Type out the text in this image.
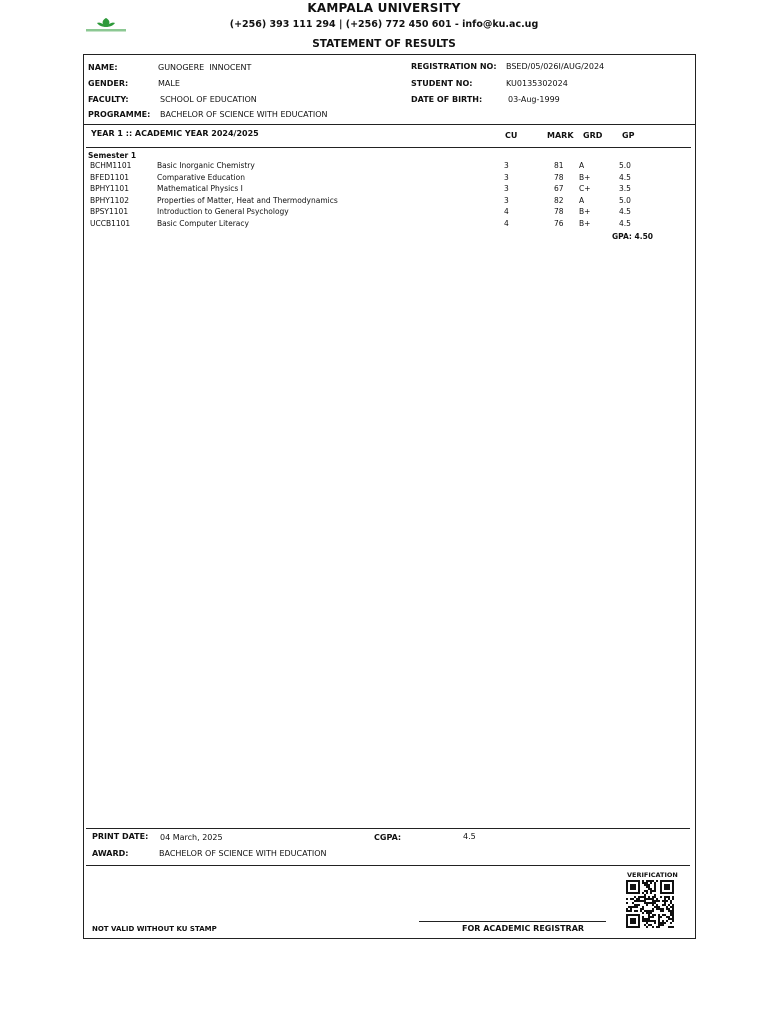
KAMPALA UNIVERSITY
(+256) 393 111 294 | (+256) 772 450 601 - info@ku.ac.ug
STATEMENT OF RESULTS
NAME:	GUNOGERE  INNOCENT
GENDER:	MALE
FACULTY:	SCHOOL OF EDUCATION
PROGRAMME: BACHELOR OF SCIENCE WITH EDUCATION
REGISTRATION NO: BSED/05/026I/AUG/2024
STUDENT NO:	KU0135302024
DATE OF BIRTH:	03-Aug-1999
YEAR 1 :: ACADEMIC YEAR 2024/2025	CU	MARK GRD GP
Semester 1
BCHM1101	Basic Inorganic Chemistry	3	81 A	5.0
BFED1101	Comparative Education	3	78 B+	4.5
BPHY1101	Mathematical Physics I	3	67 C+	3.5
BPHY1102	Properties of Matter, Heat and Thermodynamics	3	82 A	5.0
BPSY1101	Introduction to General Psychology	4	78 B+	4.5
UCCB1101	Basic Computer Literacy	4	76 B+	4.5
GPA: 4.50
PRINT DATE: 04 March, 2025	CGPA:	4.5
AWARD:	BACHELOR OF SCIENCE WITH EDUCATION
VERIFICATION
NOT VALID WITHOUT KU STAMP	FOR ACADEMIC REGISTRAR
